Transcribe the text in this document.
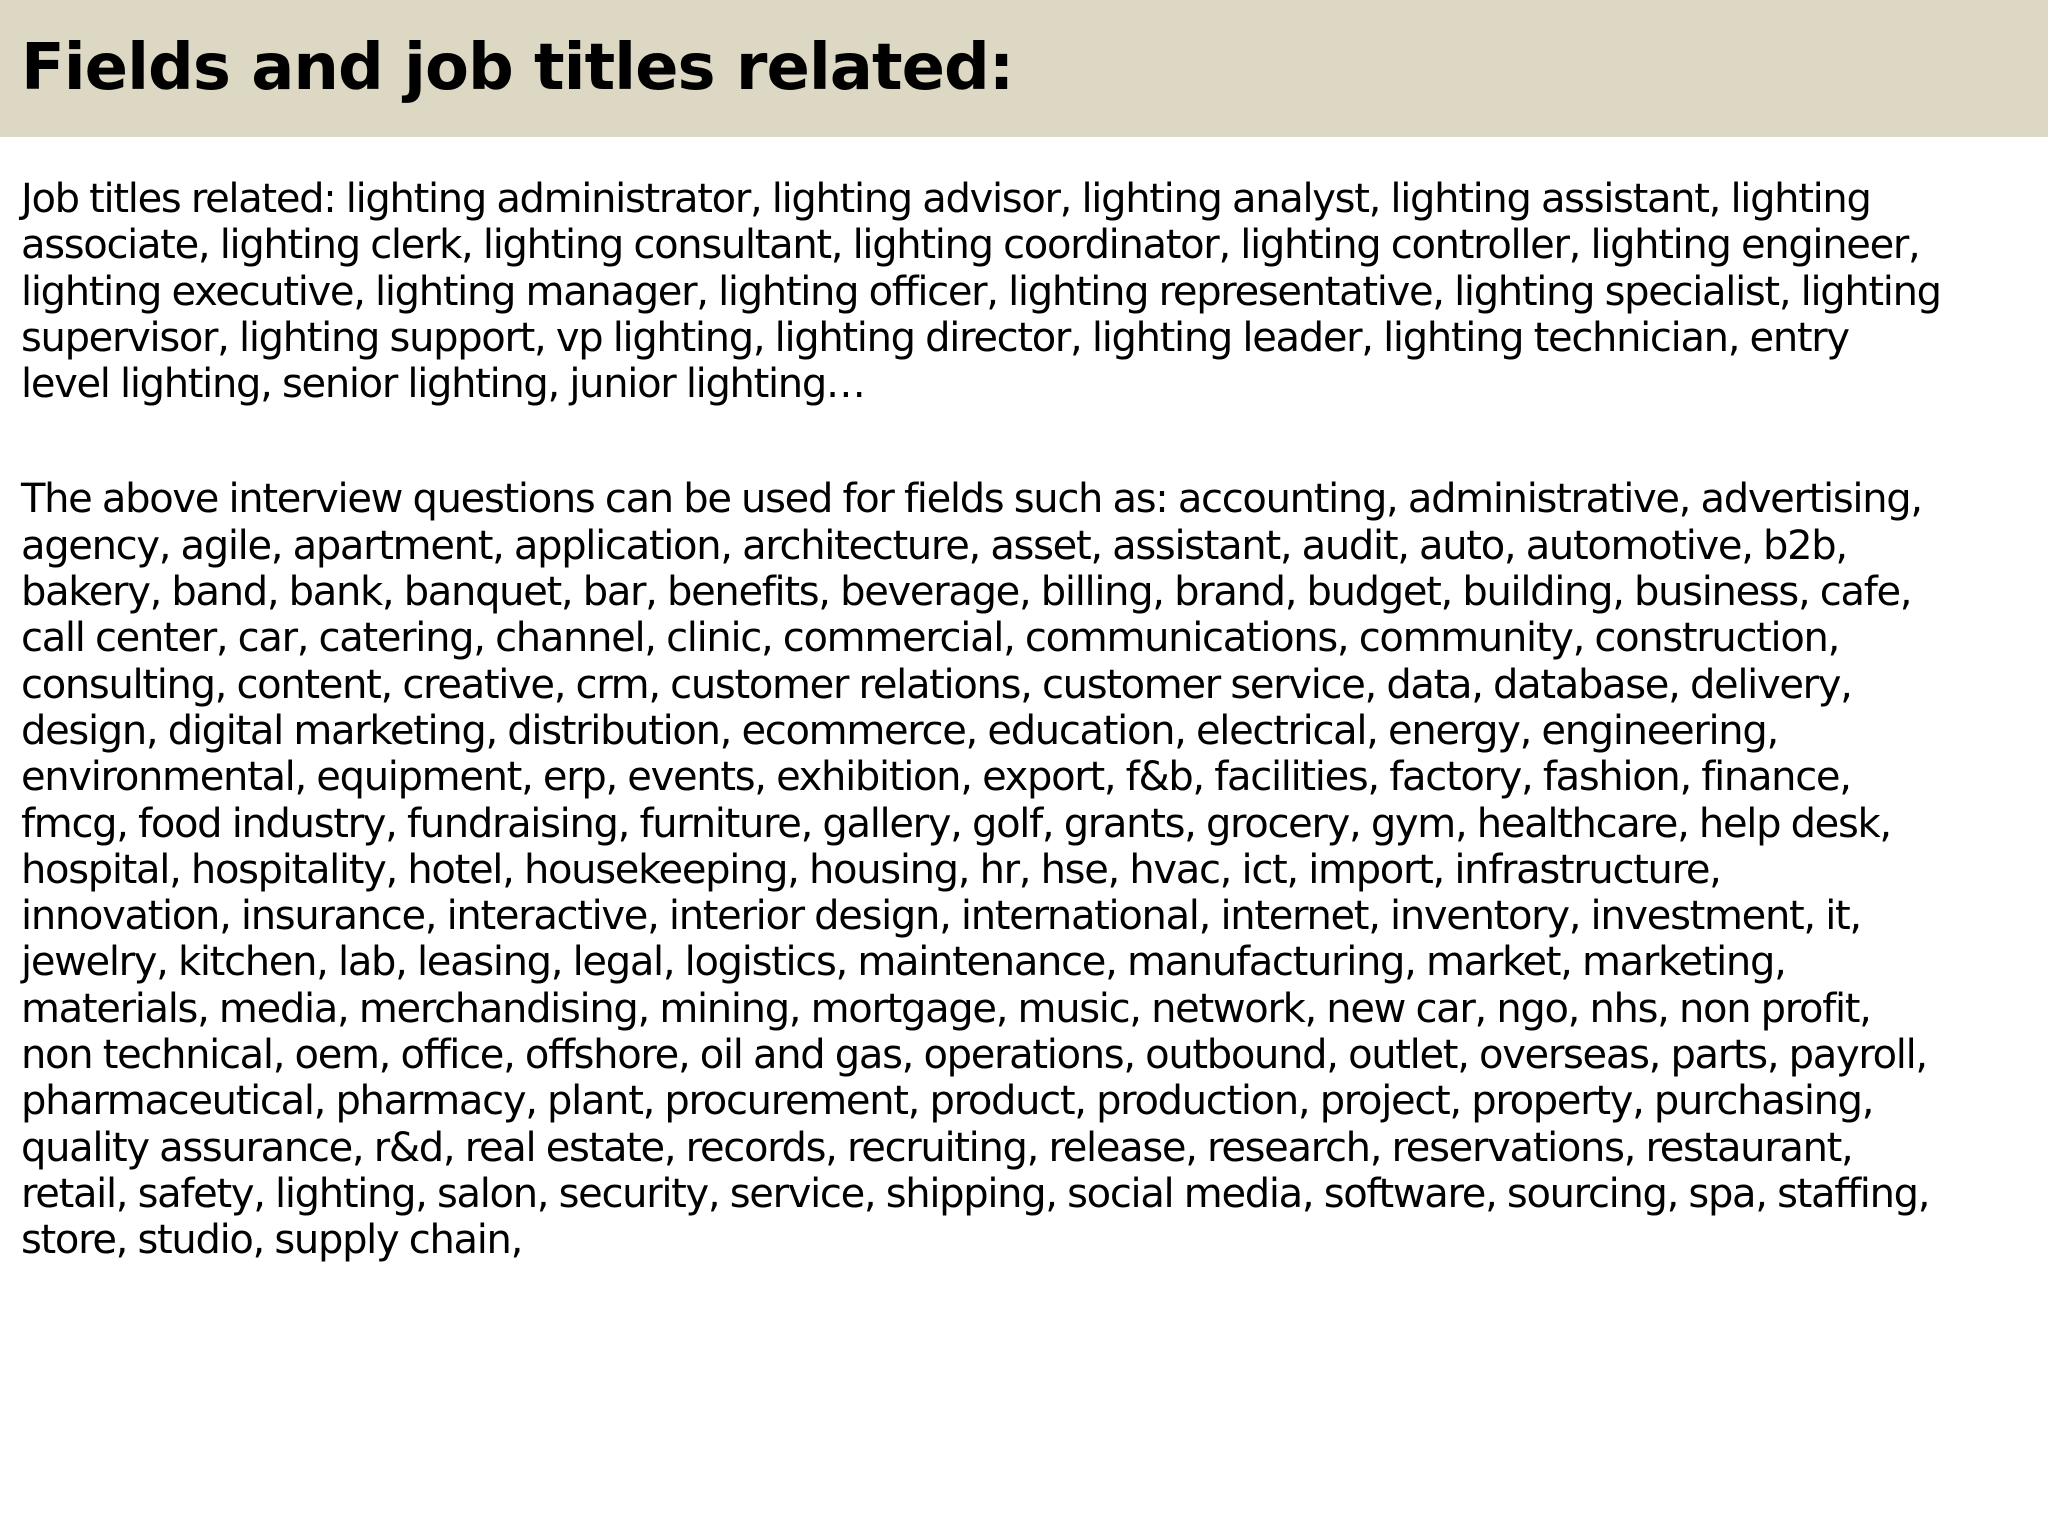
Fields and job titles related:

Job titles related: lighting administrator, lighting advisor, lighting analyst, lighting assistant, lighting
associate, lighting clerk, lighting consultant, lighting coordinator, lighting controller, lighting engineer,
lighting executive, lighting manager, lighting officer, lighting representative, lighting specialist, lighting
supervisor, lighting support, vp lighting, lighting director, lighting leader, lighting technician, entry
level lighting, senior lighting, junior lighting…

The above interview questions can be used for fields such as: accounting, administrative, advertising,
agency, agile, apartment, application, architecture, asset, assistant, audit, auto, automotive, b2b,
bakery, band, bank, banquet, bar, benefits, beverage, billing, brand, budget, building, business, cafe,
call center, car, catering, channel, clinic, commercial, communications, community, construction,
consulting, content, creative, crm, customer relations, customer service, data, database, delivery,
design, digital marketing, distribution, ecommerce, education, electrical, energy, engineering,
environmental, equipment, erp, events, exhibition, export, f&b, facilities, factory, fashion, finance,
fmcg, food industry, fundraising, furniture, gallery, golf, grants, grocery, gym, healthcare, help desk,
hospital, hospitality, hotel, housekeeping, housing, hr, hse, hvac, ict, import, infrastructure,
innovation, insurance, interactive, interior design, international, internet, inventory, investment, it,
jewelry, kitchen, lab, leasing, legal, logistics, maintenance, manufacturing, market, marketing,
materials, media, merchandising, mining, mortgage, music, network, new car, ngo, nhs, non profit,
non technical, oem, office, offshore, oil and gas, operations, outbound, outlet, overseas, parts, payroll,
pharmaceutical, pharmacy, plant, procurement, product, production, project, property, purchasing,
quality assurance, r&d, real estate, records, recruiting, release, research, reservations, restaurant,
retail, safety, lighting, salon, security, service, shipping, social media, software, sourcing, spa, staffing,
store, studio, supply chain,
